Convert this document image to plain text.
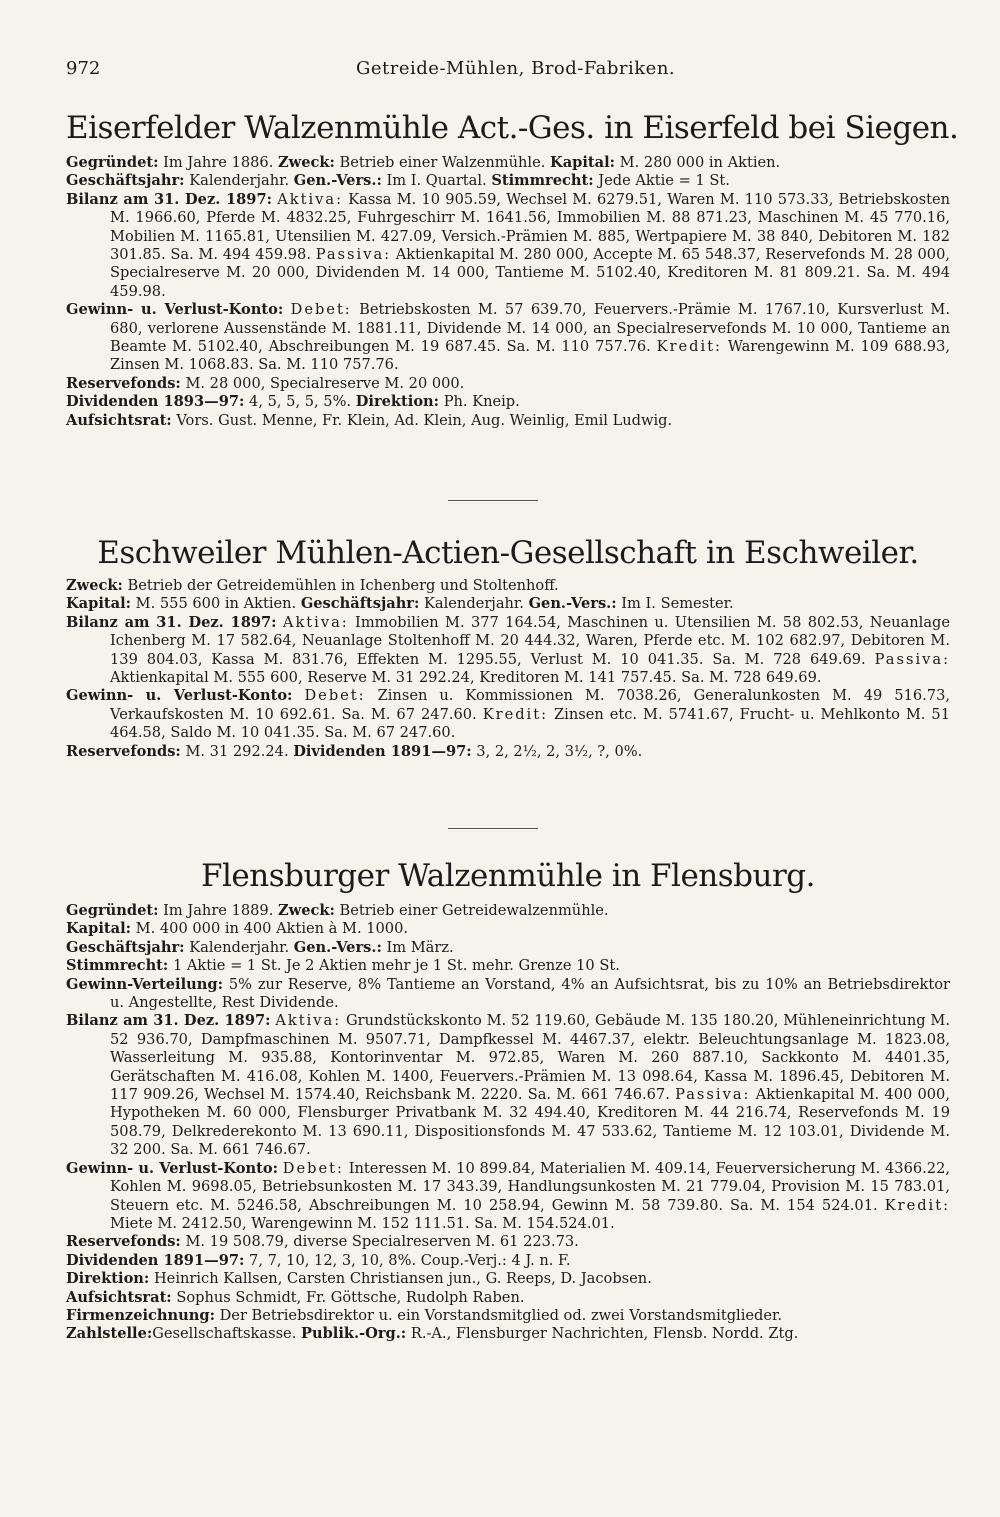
972	Getreide-Mühlen, Brod-Fabriken.
Eiserfelder Walzenmühle Act.-Ges. in Eiserfeld bei Siegen.

Gegründet: Im Jahre 1886. Zweck: Betrieb einer Walzenmühle. Kapital: M. 280 000 in Aktien.

Geschäftsjahr: Kalenderjahr. Gen.-Vers.: Im I. Quartal. Stimmrecht: Jede Aktie = 1 St.

Bilanz am 31. Dez. 1897: Aktiva: Kassa M. 10 905.59, Wechsel M. 6279.51, Waren M. 110 573.33, Betriebskosten M. 1966.60, Pferde M. 4832.25, Fuhrgeschirr M. 1641.56, Immobilien M. 88 871.23, Maschinen M. 45 770.16, Mobilien M. 1165.81, Utensilien M. 427.09, Versich.-Prämien M. 885, Wertpapiere M. 38 840, Debitoren M. 182 301.85. Sa. M. 494 459.98. Passiva: Aktienkapital M. 280 000, Accepte M. 65 548.37, Reservefonds M. 28 000, Specialreserve M. 20 000, Dividenden M. 14 000, Tantieme M. 5102.40, Kreditoren M. 81 809.21. Sa. M. 494 459.98.

Gewinn- u. Verlust-Konto: Debet: Betriebskosten M. 57 639.70, Feuervers.-Prämie M. 1767.10, Kursverlust M. 680, verlorene Aussenstände M. 1881.11, Dividende M. 14 000, an Specialreservefonds M. 10 000, Tantieme an Beamte M. 5102.40, Abschreibungen M. 19 687.45. Sa. M. 110 757.76. Kredit: Warengewinn M. 109 688.93, Zinsen M. 1068.83. Sa. M. 110 757.76.

Reservefonds: M. 28 000, Specialreserve M. 20 000.

Dividenden 1893—97: 4, 5, 5, 5, 5%. Direktion: Ph. Kneip.

Aufsichtsrat: Vors. Gust. Menne, Fr. Klein, Ad. Klein, Aug. Weinlig, Emil Ludwig.

Eschweiler Mühlen-Actien-Gesellschaft in Eschweiler.

Zweck: Betrieb der Getreidemühlen in Ichenberg und Stoltenhoff.

Kapital: M. 555 600 in Aktien. Geschäftsjahr: Kalenderjahr. Gen.-Vers.: Im I. Semester.

Bilanz am 31. Dez. 1897: Aktiva: Immobilien M. 377 164.54, Maschinen u. Utensilien M. 58 802.53, Neuanlage Ichenberg M. 17 582.64, Neuanlage Stoltenhoff M. 20 444.32, Waren, Pferde etc. M. 102 682.97, Debitoren M. 139 804.03, Kassa M. 831.76, Effekten M. 1295.55, Verlust M. 10 041.35. Sa. M. 728 649.69. Passiva: Aktienkapital M. 555 600, Reserve M. 31 292.24, Kreditoren M. 141 757.45. Sa. M. 728 649.69.

Gewinn- u. Verlust-Konto: Debet: Zinsen u. Kommissionen M. 7038.26, Generalunkosten M. 49 516.73, Verkaufskosten M. 10 692.61. Sa. M. 67 247.60. Kredit: Zinsen etc. M. 5741.67, Frucht- u. Mehlkonto M. 51 464.58, Saldo M. 10 041.35. Sa. M. 67 247.60.

Reservefonds: M. 31 292.24. Dividenden 1891—97: 3, 2, 2½, 2, 3½, ?, 0%.

Flensburger Walzenmühle in Flensburg.

Gegründet: Im Jahre 1889. Zweck: Betrieb einer Getreidewalzenmühle.

Kapital: M. 400 000 in 400 Aktien à M. 1000.

Geschäftsjahr: Kalenderjahr. Gen.-Vers.: Im März.

Stimmrecht: 1 Aktie = 1 St. Je 2 Aktien mehr je 1 St. mehr. Grenze 10 St.

Gewinn-Verteilung: 5% zur Reserve, 8% Tantieme an Vorstand, 4% an Aufsichtsrat, bis zu 10% an Betriebsdirektor u. Angestellte, Rest Dividende.

Bilanz am 31. Dez. 1897: Aktiva: Grundstückskonto M. 52 119.60, Gebäude M. 135 180.20, Mühleneinrichtung M. 52 936.70, Dampfmaschinen M. 9507.71, Dampfkessel M. 4467.37, elektr. Beleuchtungsanlage M. 1823.08, Wasserleitung M. 935.88, Kontorinventar M. 972.85, Waren M. 260 887.10, Sackkonto M. 4401.35, Gerätschaften M. 416.08, Kohlen M. 1400, Feuervers.-Prämien M. 13 098.64, Kassa M. 1896.45, Debitoren M. 117 909.26, Wechsel M. 1574.40, Reichsbank M. 2220. Sa. M. 661 746.67. Passiva: Aktienkapital M. 400 000, Hypotheken M. 60 000, Flensburger Privatbank M. 32 494.40, Kreditoren M. 44 216.74, Reservefonds M. 19 508.79, Delkrederekonto M. 13 690.11, Dispositionsfonds M. 47 533.62, Tantieme M. 12 103.01, Dividende M. 32 200. Sa. M. 661 746.67.

Gewinn- u. Verlust-Konto: Debet: Interessen M. 10 899.84, Materialien M. 409.14, Feuerversicherung M. 4366.22, Kohlen M. 9698.05, Betriebsunkosten M. 17 343.39, Handlungsunkosten M. 21 779.04, Provision M. 15 783.01, Steuern etc. M. 5246.58, Abschreibungen M. 10 258.94, Gewinn M. 58 739.80. Sa. M. 154 524.01. Kredit: Miete M. 2412.50, Warengewinn M. 152 111.51. Sa. M. 154.524.01.

Reservefonds: M. 19 508.79, diverse Specialreserven M. 61 223.73.

Dividenden 1891—97: 7, 7, 10, 12, 3, 10, 8%. Coup.-Verj.: 4 J. n. F.

Direktion: Heinrich Kallsen, Carsten Christiansen jun., G. Reeps, D. Jacobsen.

Aufsichtsrat: Sophus Schmidt, Fr. Göttsche, Rudolph Raben.

Firmenzeichnung: Der Betriebsdirektor u. ein Vorstandsmitglied od. zwei Vorstandsmitglieder.

Zahlstelle:Gesellschaftskasse. Publik.-Org.: R.-A., Flensburger Nachrichten, Flensb. Nordd. Ztg.
